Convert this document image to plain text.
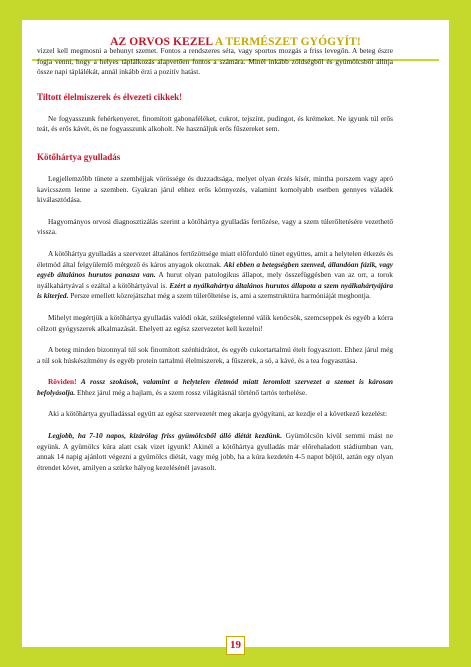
AZ ORVOS KEZEL A TERMÉSZET GYÓGYÍT!

vizzel kell megmosni a behunyt szemet. Fontos a rendszeres séta, vagy sportos mozgás a friss levegőn. A beteg észre fogja venni, hogy a helyes táplálkozás alapvetően fontos a számára. Minél inkább zöldségből és gyümölcsből állítja össze napi táplálékát, annál inkább érzi a pozitív hatást.

Tiltott élelmiszerek és élvezeti cikkek!

Ne fogyasszunk fehérkenyeret, finomított gabonaféléket, cukrot, tejszínt, pudingot, és krémeket. Ne igyunk túl erős teát, és erős kávét, és ne fogyasszunk alkoholt. Ne használjuk erős fűszereket sem.

Kötőhártya gyulladás

Legjellemzőbb tünete a szemhéjjak vörössége és duzzadtsága, melyet olyan érzés kísér, mintha porszem vagy apró kavicsszem lenne a szemben. Gyakran járul ehhez erős könnyezés, valamint komolyabb esetben gennyes váladék kiválasztódása.

Hagyományos orvosi diagnosztizálás szerint a kötőhártya gyulladás fertőzése, vagy a szem túlerőltetésére vezethető vissza.

A kötőhártya gyulladás a szervezet általános fertőzöttsége miatt előforduló tünet együttes, amit a helytelen étkezés és életmód által felgyülemlő mérgező és káros anyagok okoznak. Aki ebben a betegségben szenved, állandóan fázik, vagy egyéb általános hurutos panasza van. A hurut olyan patologikus állapot, mely összefüggésben van az orr, a torok nyálkahártyával s ezáltal a kötőhártyával is. Ezért a nyálkahártya általános hurutos állapota a szem nyálkahártyájára is kiterjed. Persze emellett közrejátszhat még a szem túlerőltetése is, ami a szemstruktúra harmóniáját megbontja.

Mihelyt megértjük a kötőhártya gyulladás valódi okát, szükségtelenné válik kenőcsök, szemcseppek és egyéb a kórra célzott gyógyszerek alkalmazását. Ehelyett az egész szervezetet kell kezelni!

A beteg minden bizonnyal túl sok finomított szénhidrátot, és egyéb cukortartalmú ételt fogyasztott. Ehhez járul még a túl sok húskészítmény és egyéb protein tartalmú élelmiszerek, a fűszerek, a só, a kávé, és a tea fogyasztása.

Röviden! A rossz szokások, valamint a helytelen életmód miatt leromlott szervezet a szemet is károsan befolyásolja. Ehhez járul még a hajlam, és a szem rossz világításnál történő tartós terhelése.

Aki a kötőhártya gyulladással együtt az egész szervezetét meg akarja gyógyítani, az kezdje el a következő kezelést:

Legjobb, ha 7-10 napos, kizárólag friss gyümölcsből álló diétát kezdünk. Gyümölcsön kívül semmi mást ne együnk. A gyümölcs kúra alatt csak vizet igyunk! Akinél a kötőhártya gyulladás már előrehaladott stádiumban van, annak 14 napig ajánlott végezni a gyümölcs diétát, vagy még jobb, ha a kúra kezdetén 4-5 napot böjtöl, aztán egy olyan étrendet követ, amilyen a szürke hályog kezelésénél javasolt.

19
